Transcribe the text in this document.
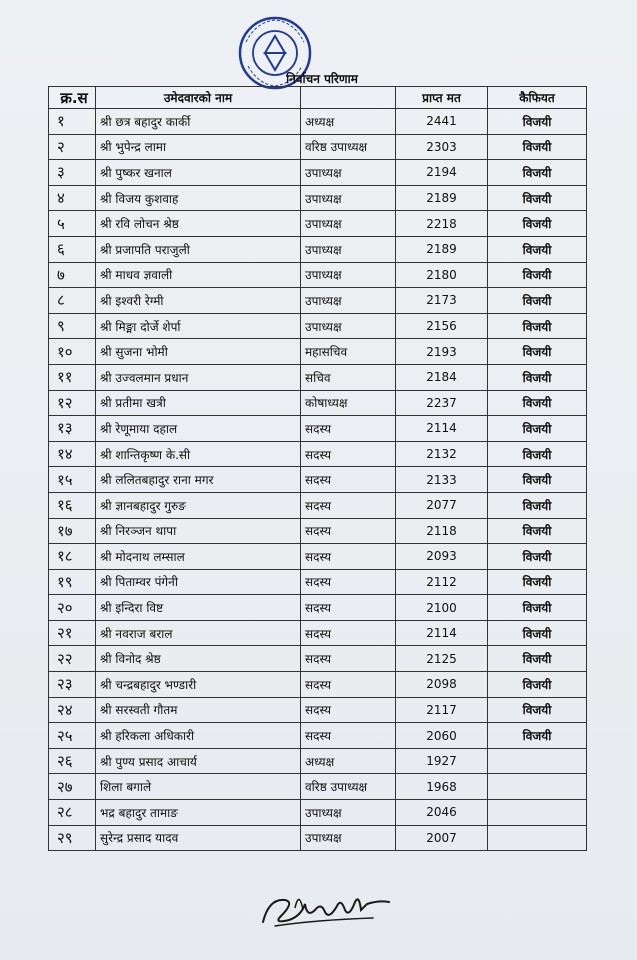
निर्वाचन परिणाम
क्र.स	उमेदवारको नाम		प्राप्त मत	कैफियत
१	श्री छत्र बहादुर कार्की	अध्यक्ष	2441	विजयी
२	श्री भुपेन्द्र लामा	वरिष्ठ उपाध्यक्ष	2303	विजयी
३	श्री पुष्कर खनाल	उपाध्यक्ष	2194	विजयी
४	श्री विजय कुशवाह	उपाध्यक्ष	2189	विजयी
५	श्री रवि लोचन श्रेष्ठ	उपाध्यक्ष	2218	विजयी
६	श्री प्रजापति पराजुली	उपाध्यक्ष	2189	विजयी
७	श्री माधव ज्ञवाली	उपाध्यक्ष	2180	विजयी
८	श्री इश्वरी रेग्मी	उपाध्यक्ष	2173	विजयी
९	श्री मिङ्मा दोर्जे शेर्पा	उपाध्यक्ष	2156	विजयी
१०	श्री सुजना भोमी	महासचिव	2193	विजयी
११	श्री उज्वलमान प्रधान	सचिव	2184	विजयी
१२	श्री प्रतीमा खत्री	कोषाध्यक्ष	2237	विजयी
१३	श्री रेणूमाया दहाल	सदस्य	2114	विजयी
१४	श्री शान्तिकृष्ण के.सी	सदस्य	2132	विजयी
१५	श्री ललितबहादुर राना मगर	सदस्य	2133	विजयी
१६	श्री ज्ञानबहादुर गुरुङ	सदस्य	2077	विजयी
१७	श्री निरञ्जन थापा	सदस्य	2118	विजयी
१८	श्री मोदनाथ लम्साल	सदस्य	2093	विजयी
१९	श्री पिताम्वर पंगेनी	सदस्य	2112	विजयी
२०	श्री इन्दिरा विष्ट	सदस्य	2100	विजयी
२१	श्री नवराज बराल	सदस्य	2114	विजयी
२२	श्री विनोद श्रेष्ठ	सदस्य	2125	विजयी
२३	श्री चन्द्रबहादुर भण्डारी	सदस्य	2098	विजयी
२४	श्री सरस्वती गौतम	सदस्य	2117	विजयी
२५	श्री हरिकला अधिकारी	सदस्य	2060	विजयी
२६	श्री पुण्य प्रसाद आचार्य	अध्यक्ष	1927	
२७	शिला बगाले	वरिष्ठ उपाध्यक्ष	1968	
२८	भद्र बहादुर तामाङ	उपाध्यक्ष	2046	
२९	सुरेन्द्र प्रसाद यादव	उपाध्यक्ष	2007	
